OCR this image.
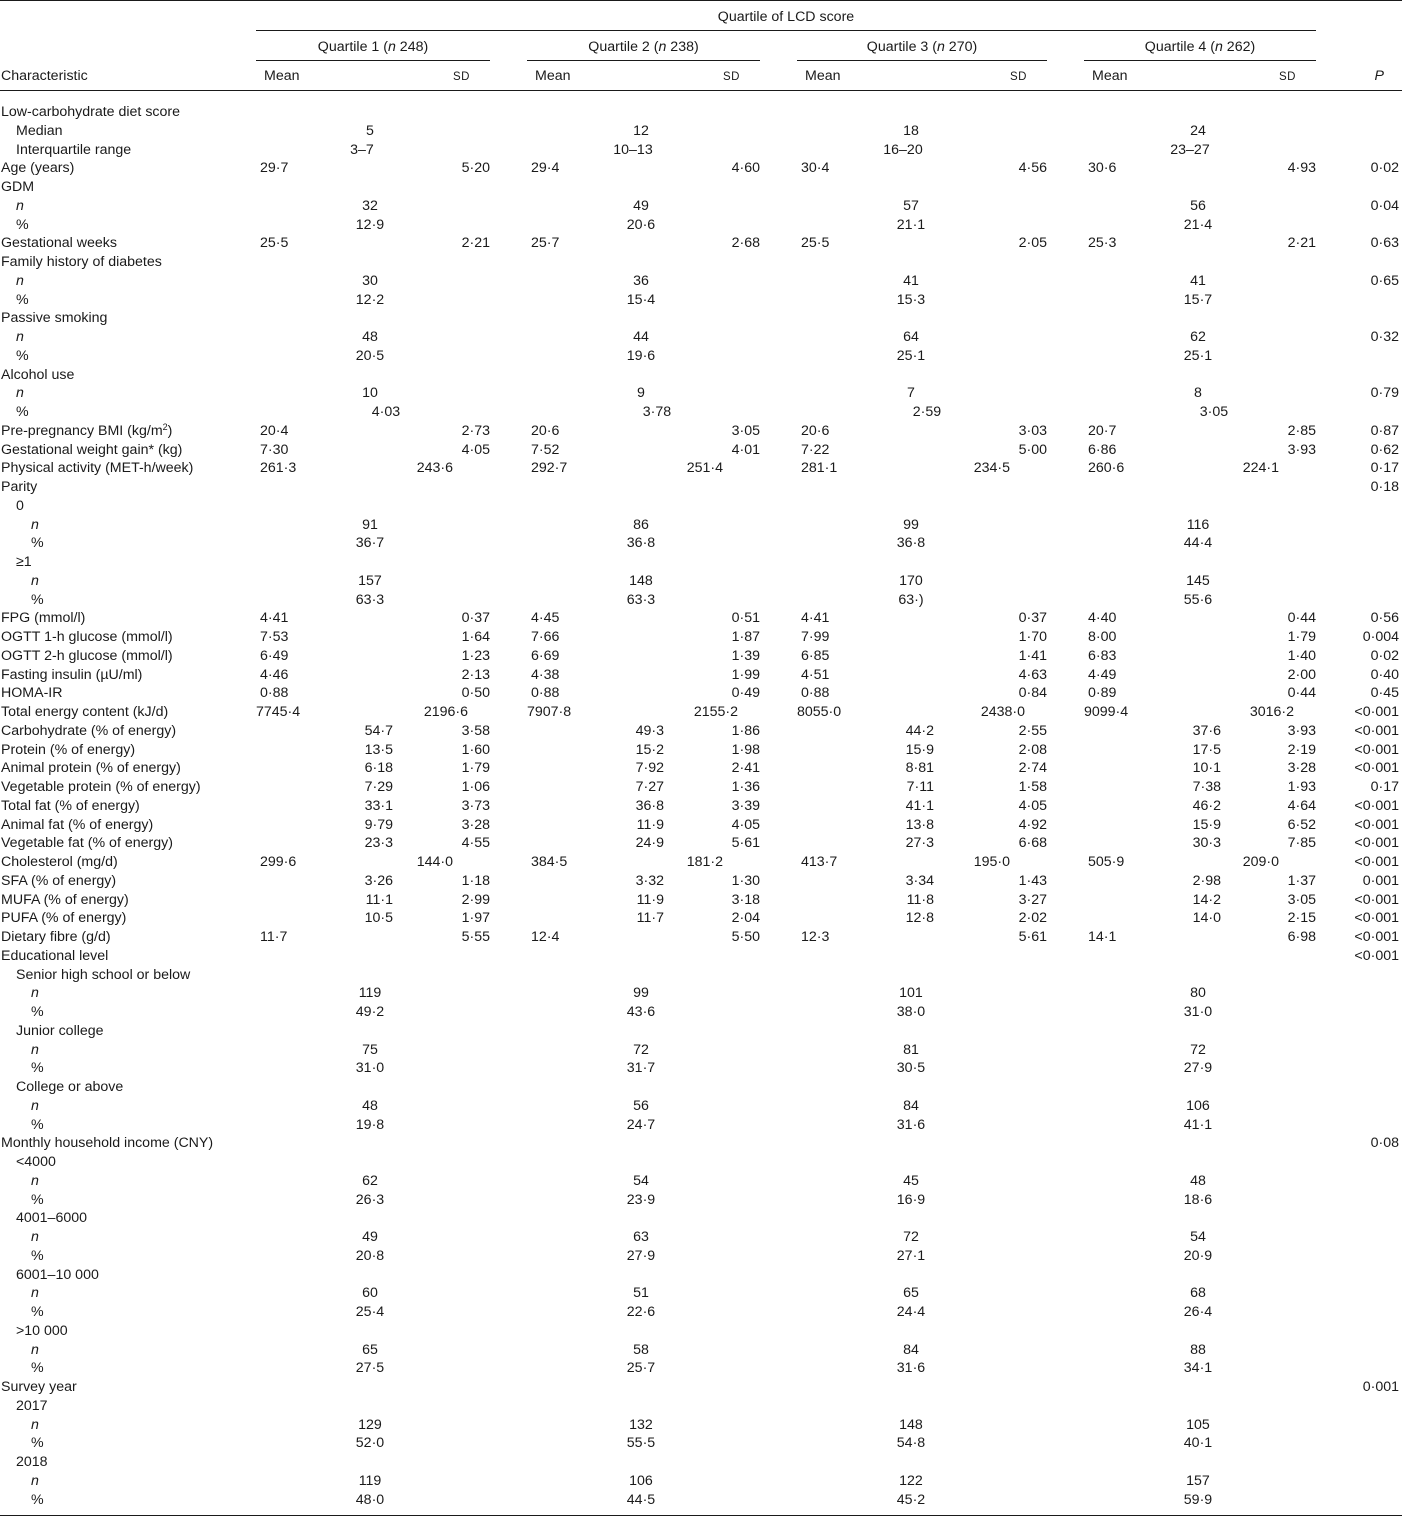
Quartile of LCD score
Quartile 1 (n 248)	Quartile 2 (n 238)	Quartile 3 (n 270)	Quartile 4 (n 262)
Characteristic	Mean	SD	Mean	SD	Mean	SD	Mean	SD	P
Low-carbohydrate diet score
Median	5	12	18	24
Interquartile range	3–7	10–13	16–20	23–27
Age (years)	29·7	5·20	29·4	4·60	30·4	4·56	30·6	4·93	0·02
GDM
n	32	49	57	56	0·04
%	12·9	20·6	21·1	21·4
Gestational weeks	25·5	2·21	25·7	2·68	25·5	2·05	25·3	2·21	0·63
Family history of diabetes
n	30	36	41	41	0·65
%	12·2	15·4	15·3	15·7
Passive smoking
n	48	44	64	62	0·32
%	20·5	19·6	25·1	25·1
Alcohol use
n	10	9	7	8	0·79
%	4·03	3·78	2·59	3·05
Pre-pregnancy BMI $(kg/m^2)$	20·4	2·73	20·6	3·05	20·6	3·03	20·7	2·85	0·87
Gestational weight gain* (kg)	7·30	4·05	7·52	4·01	7·22	5·00	6·86	3·93	0·62
Physical activity (MET-h/week)	261·3	243·6	292·7	251·4	281·1	234·5	260·6	224·1	0·17
Parity	0·18
0
n	91	86	99	116
%	36·7	36·8	36·8	44·4
≥1
n	157	148	170	145
%	63·3	63·3	63·)	55·6
FPG (mmol/l)	4·41	0·37	4·45	0·51	4·41	0·37	4·40	0·44	0·56
OGTT 1-h glucose (mmol/l)	7·53	1·64	7·66	1·87	7·99	1·70	8·00	1·79	0·004
OGTT 2-h glucose (mmol/l)	6·49	1·23	6·69	1·39	6·85	1·41	6·83	1·40	0·02
Fasting insulin (µU/ml)	4·46	2·13	4·38	1·99	4·51	4·63	4·49	2·00	0·40
HOMA-IR	0·88	0·50	0·88	0·49	0·88	0·84	0·89	0·44	0·45
Total energy content (kJ/d)	7745·4	2196·6	7907·8	2155·2	8055·0	2438·0	9099·4	3016·2	<0·001
Carbohydrate (% of energy)	54·7	3·58	49·3	1·86	44·2	2·55	37·6	3·93	<0·001
Protein (% of energy)	13·5	1·60	15·2	1·98	15·9	2·08	17·5	2·19	<0·001
Animal protein (% of energy)	6·18	1·79	7·92	2·41	8·81	2·74	10·1	3·28	<0·001
Vegetable protein (% of energy)	7·29	1·06	7·27	1·36	7·11	1·58	7·38	1·93	0·17
Total fat (% of energy)	33·1	3·73	36·8	3·39	41·1	4·05	46·2	4·64	<0·001
Animal fat (% of energy)	9·79	3·28	11·9	4·05	13·8	4·92	15·9	6·52	<0·001
Vegetable fat (% of energy)	23·3	4·55	24·9	5·61	27·3	6·68	30·3	7·85	<0·001
Cholesterol (mg/d)	299·6	144·0	384·5	181·2	413·7	195·0	505·9	209·0	<0·001
SFA (% of energy)	3·26	1·18	3·32	1·30	3·34	1·43	2·98	1·37	0·001
MUFA (% of energy)	11·1	2·99	11·9	3·18	11·8	3·27	14·2	3·05	<0·001
PUFA (% of energy)	10·5	1·97	11·7	2·04	12·8	2·02	14·0	2·15	<0·001
Dietary fibre (g/d)	11·7	5·55	12·4	5·50	12·3	5·61	14·1	6·98	<0·001
Educational level	<0·001
Senior high school or below
n	119	99	101	80
%	49·2	43·6	38·0	31·0
Junior college
n	75	72	81	72
%	31·0	31·7	30·5	27·9
College or above
n	48	56	84	106
%	19·8	24·7	31·6	41·1
Monthly household income (CNY)	0·08
<4000
n	62	54	45	48
%	26·3	23·9	16·9	18·6
4001–6000
n	49	63	72	54
%	20·8	27·9	27·1	20·9
6001–10 000
n	60	51	65	68
%	25·4	22·6	24·4	26·4
>10 000
n	65	58	84	88
%	27·5	25·7	31·6	34·1
Survey year	0·001
2017
n	129	132	148	105
%	52·0	55·5	54·8	40·1
2018
n	119	106	122	157
%	48·0	44·5	45·2	59·9
